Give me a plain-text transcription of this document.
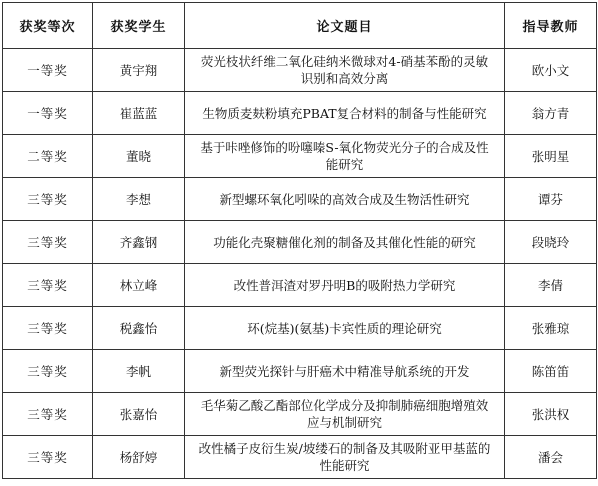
获奖等次	获奖学生	论文题目	指导教师
一等奖	黄宇翔	荧光枝状纤维二氧化硅纳米微球对4-硝基苯酚的灵敏识别和高效分离	欧小文
一等奖	崔蓝蓝	生物质麦麸粉填充PBAT复合材料的制备与性能研究	翁方青
二等奖	董晓	基于咔唑修饰的吩噻嗪S-氧化物荧光分子的合成及性能研究	张明星
三等奖	李想	新型螺环氧化吲哚的高效合成及生物活性研究	谭芬
三等奖	齐鑫钢	功能化壳聚糖催化剂的制备及其催化性能的研究	段晓玲
三等奖	林立峰	改性普洱渣对罗丹明B的吸附热力学研究	李倩
三等奖	税鑫怡	环(烷基)(氨基)卡宾性质的理论研究	张雅琼
三等奖	李帆	新型荧光探针与肝癌术中精准导航系统的开发	陈笛笛
三等奖	张嘉怡	毛华菊乙酸乙酯部位化学成分及抑制肺癌细胞增殖效应与机制研究	张洪权
三等奖	杨舒婷	改性橘子皮衍生炭/坡缕石的制备及其吸附亚甲基蓝的性能研究	潘会
